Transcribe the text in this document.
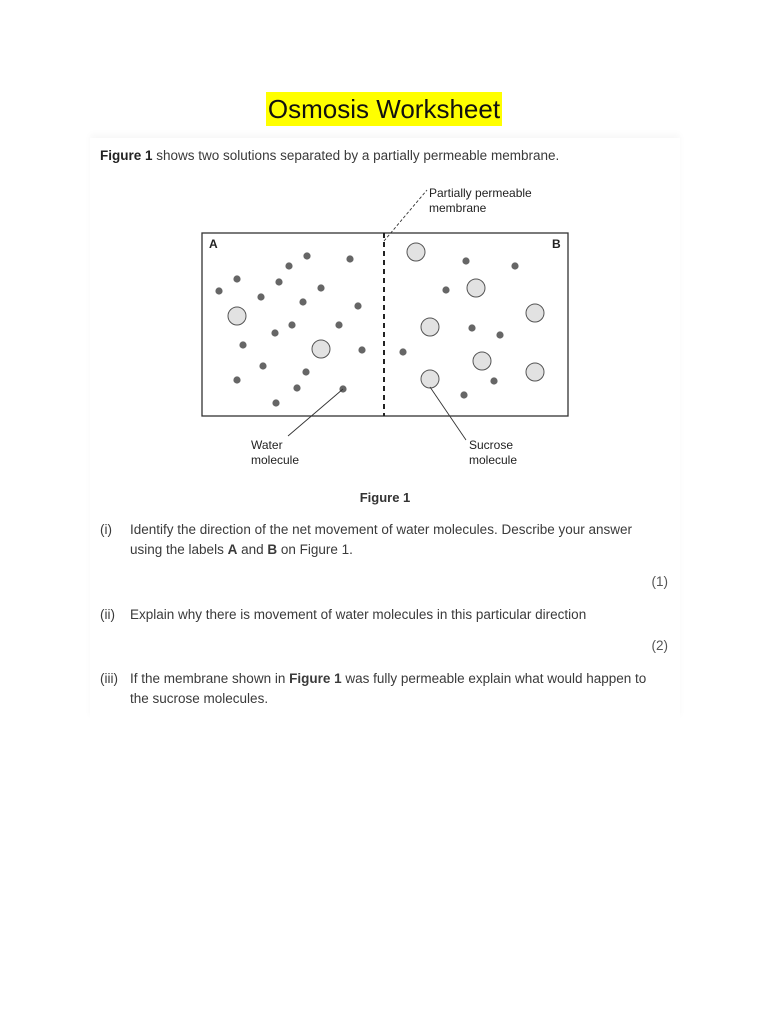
Osmosis Worksheet

Figure 1 shows two solutions separated by a partially permeable membrane.

Partially permeable
membrane
A	B
Water
molecule
Sucrose
molecule
Figure 1
(i)	Identify the direction of the net movement of water molecules. Describe your answer using the labels A and B on Figure 1.
(1)
(ii)	Explain why there is movement of water molecules in this particular direction
(2)
(iii) If the membrane shown in Figure 1 was fully permeable explain what would happen to the sucrose molecules.
